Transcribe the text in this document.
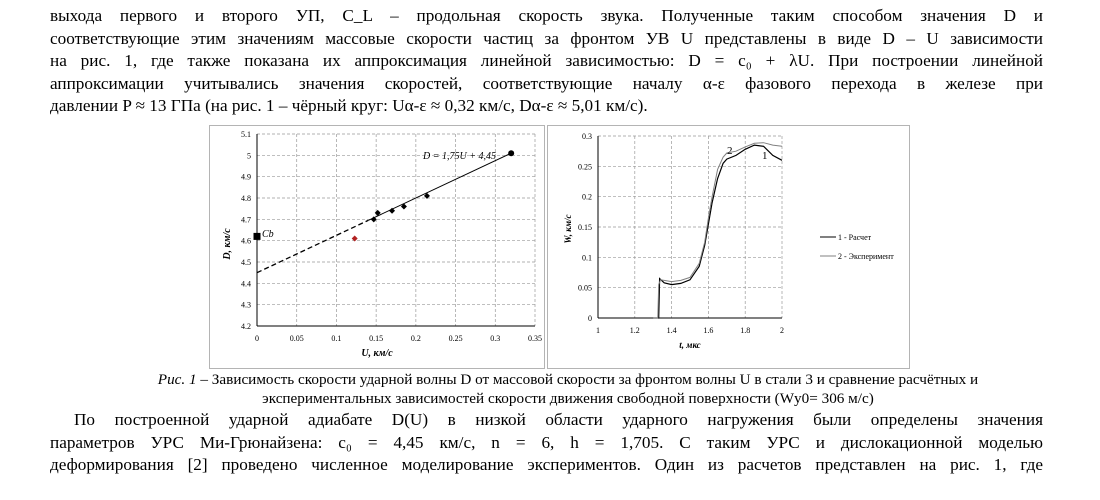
выхода первого и второго УП, C_L – продольная скорость звука. Полученные таким способом значения D и
соответствующие этим значениям массовые скорости частиц за фронтом УВ U представлены в виде D – U зависимости
на рис. 1, где также показана их аппроксимация линейной зависимостью: D = c₀ + λU. При построении линейной
аппроксимации учитывались значения скоростей, соответствующие началу α-ε фазового перехода в железе при
давлении P ≈ 13 ГПа (на рис. 1 – чёрный круг: Uα-ε ≈ 0,32 км/с, Dα-ε ≈ 5,01 км/с).

4.2
4.3
4.4
4.5
4.6
4.7
4.8
4.9
5
5.1
0	0.05	0.1	0.15	0.2	0.25	0.3	0.35
D = 1,75U + 4,45
Cb
U, км/с
D, км/с
0
0.05
0.1
0.15
0.2
0.25
0.3
1	1.2	1.4	1.6	1.8	2
2	1
t, мкс
W, км/с	1 - Расчет
2 - Эксперимент

Рис. 1 – Зависимость скорости ударной волны D от массовой скорости за фронтом волны U в стали 3 и сравнение расчётных и
экспериментальных зависимостей скорости движения свободной поверхности (Wу0= 306 м/с)

По построенной ударной адиабате D(U) в низкой области ударного нагружения были определены значения
параметров УРС Ми-Грюнайзена: c₀ = 4,45 км/с, n = 6, h = 1,705. С таким УРС и дислокационной моделью
деформирования [2] проведено численное моделирование экспериментов. Один из расчетов представлен на рис. 1, где
